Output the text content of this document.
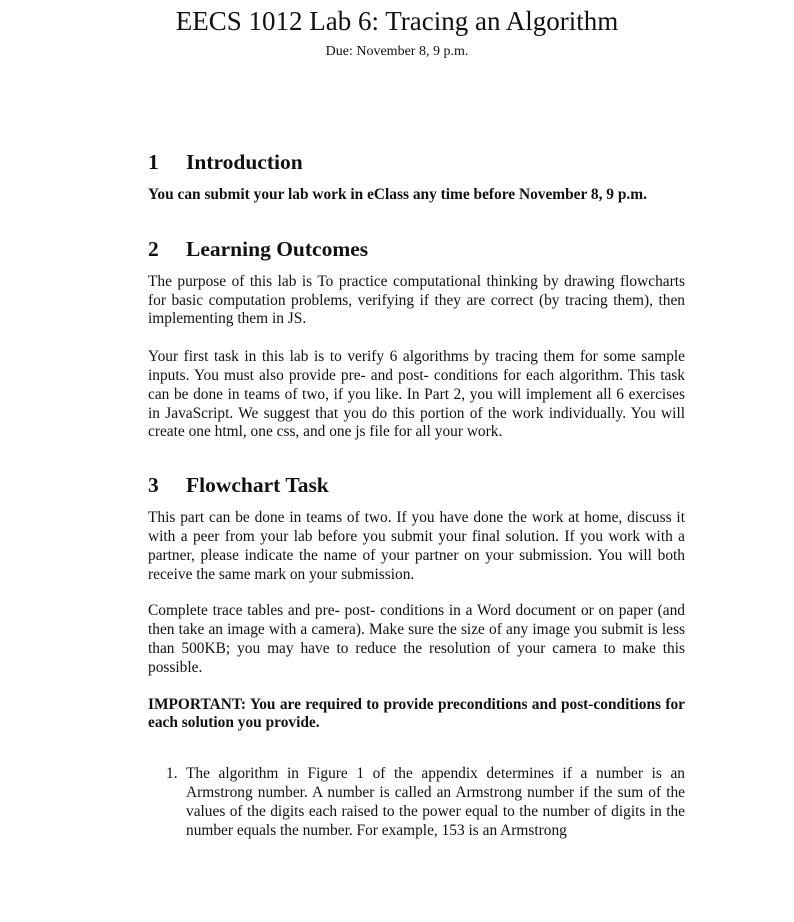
EECS 1012 Lab 6: Tracing an Algorithm
Due: November 8, 9 p.m.
1	Introduction

You can submit your lab work in eClass any time before November 8, 9 p.m.

2	Learning Outcomes

The purpose of this lab is To practice computational thinking by drawing flowcharts for basic computation problems, verifying if they are correct (by tracing them), then implementing them in JS.

Your first task in this lab is to verify 6 algorithms by tracing them for some sample inputs. You must also provide pre- and post- conditions for each algorithm. This task can be done in teams of two, if you like. In Part 2, you will implement all 6 exercises in JavaScript. We suggest that you do this portion of the work individually. You will create one html, one css, and one js file for all your work.

3	Flowchart Task

This part can be done in teams of two. If you have done the work at home, discuss it with a peer from your lab before you submit your final solution. If you work with a partner, please indicate the name of your partner on your submission. You will both receive the same mark on your submission.

Complete trace tables and pre- post- conditions in a Word document or on paper (and then take an image with a camera). Make sure the size of any image you submit is less than 500KB; you may have to reduce the resolution of your camera to make this possible.

IMPORTANT: You are required to provide preconditions and post-conditions for each solution you provide.

1. The algorithm in Figure 1 of the appendix determines if a number is an Armstrong number. A number is called an Armstrong number if the sum of the values of the digits each raised to the power equal to the number of digits in the number equals the number. For example, 153 is an Armstrong
